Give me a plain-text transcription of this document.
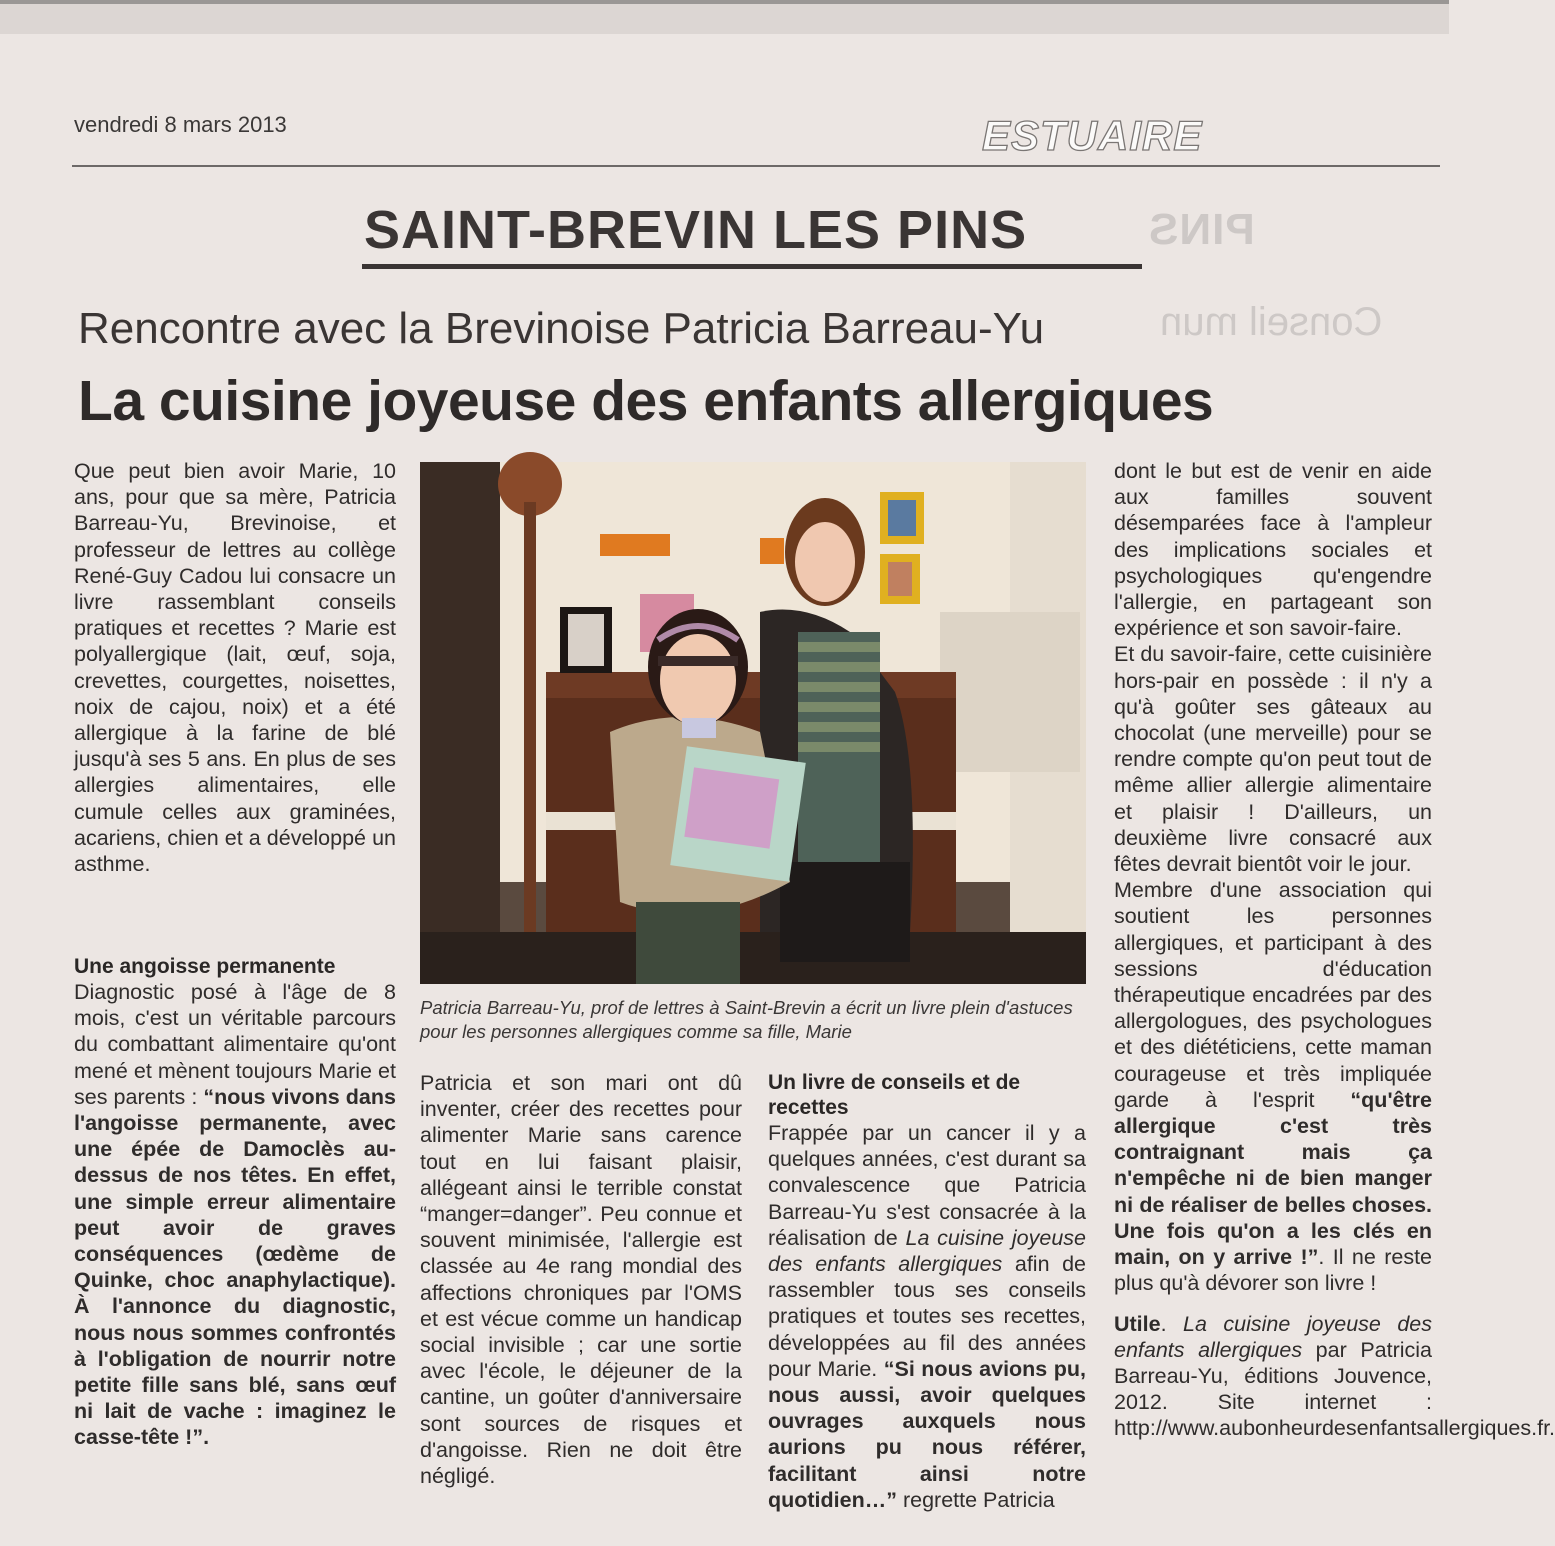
vendredi 8 mars 2013	ESTUAIRE
PINS
Conseil mun
SAINT-BREVIN LES PINS
Rencontre avec la Brevinoise Patricia Barreau-Yu
La cuisine joyeuse des enfants allergiques

Que peut bien avoir Marie, 10 ans, pour que sa mère, Patricia Barreau-Yu, Brevinoise, et professeur de lettres au collège René-Guy Cadou lui consacre un livre rassemblant conseils pratiques et recettes ? Marie est polyallergique (lait, œuf, soja, crevettes, courgettes, noisettes, noix de cajou, noix) et a été allergique à la farine de blé jusqu'à ses 5 ans. En plus de ses allergies alimentaires, elle cumule celles aux graminées, acariens, chien et a développé un asthme.

Une angoisse permanente

Diagnostic posé à l'âge de 8 mois, c'est un véritable parcours du combattant alimentaire qu'ont mené et mènent toujours Marie et ses parents : “nous vivons dans l'angoisse permanente, avec une épée de Damoclès au-dessus de nos têtes. En effet, une simple erreur alimentaire peut avoir de graves conséquences (œdème de Quinke, choc anaphylactique). À l'annonce du diagnostic, nous nous sommes confrontés à l'obligation de nourrir notre petite fille sans blé, sans œuf ni lait de vache : imaginez le casse-tête !”.

Patricia Barreau-Yu, prof de lettres à Saint-Brevin a écrit un livre plein d'astuces pour les personnes allergiques comme sa fille, Marie

Patricia et son mari ont dû inventer, créer des recettes pour alimenter Marie sans carence tout en lui faisant plaisir, allégeant ainsi le terrible constat “manger=danger”. Peu connue et souvent minimisée, l'allergie est classée au 4e rang mondial des affections chroniques par l'OMS et est vécue comme un handicap social invisible ; car une sortie avec l'école, le déjeuner de la cantine, un goûter d'anniversaire sont sources de risques et d'angoisse. Rien ne doit être négligé.

Un livre de conseils et de recettes

Frappée par un cancer il y a quelques années, c'est durant sa convalescence que Patricia Barreau-Yu s'est consacrée à la réalisation de La cuisine joyeuse des enfants allergiques afin de rassembler tous ses conseils pratiques et toutes ses recettes, développées au fil des années pour Marie. “Si nous avions pu, nous aussi, avoir quelques ouvrages auxquels nous aurions pu nous référer, facilitant ainsi notre quotidien…” regrette Patricia

dont le but est de venir en aide aux familles souvent désemparées face à l'ampleur des implications sociales et psychologiques qu'engendre l'allergie, en partageant son expérience et son savoir-faire.

Et du savoir-faire, cette cuisinière hors-pair en possède : il n'y a qu'à goûter ses gâteaux au chocolat (une merveille) pour se rendre compte qu'on peut tout de même allier allergie alimentaire et plaisir ! D'ailleurs, un deuxième livre consacré aux fêtes devrait bientôt voir le jour.

Membre d'une association qui soutient les personnes allergiques, et participant à des sessions d'éducation thérapeutique encadrées par des allergologues, des psychologues et des diététiciens, cette maman courageuse et très impliquée garde à l'esprit “qu'être allergique c'est très contraignant mais ça n'empêche ni de bien manger ni de réaliser de belles choses. Une fois qu'on a les clés en main, on y arrive !”. Il ne reste plus qu'à dévorer son livre !

Utile. La cuisine joyeuse des enfants allergiques par Patricia Barreau-Yu, éditions Jouvence, 2012. Site internet : http://www.aubonheurdesenfantsallergiques.fr.
